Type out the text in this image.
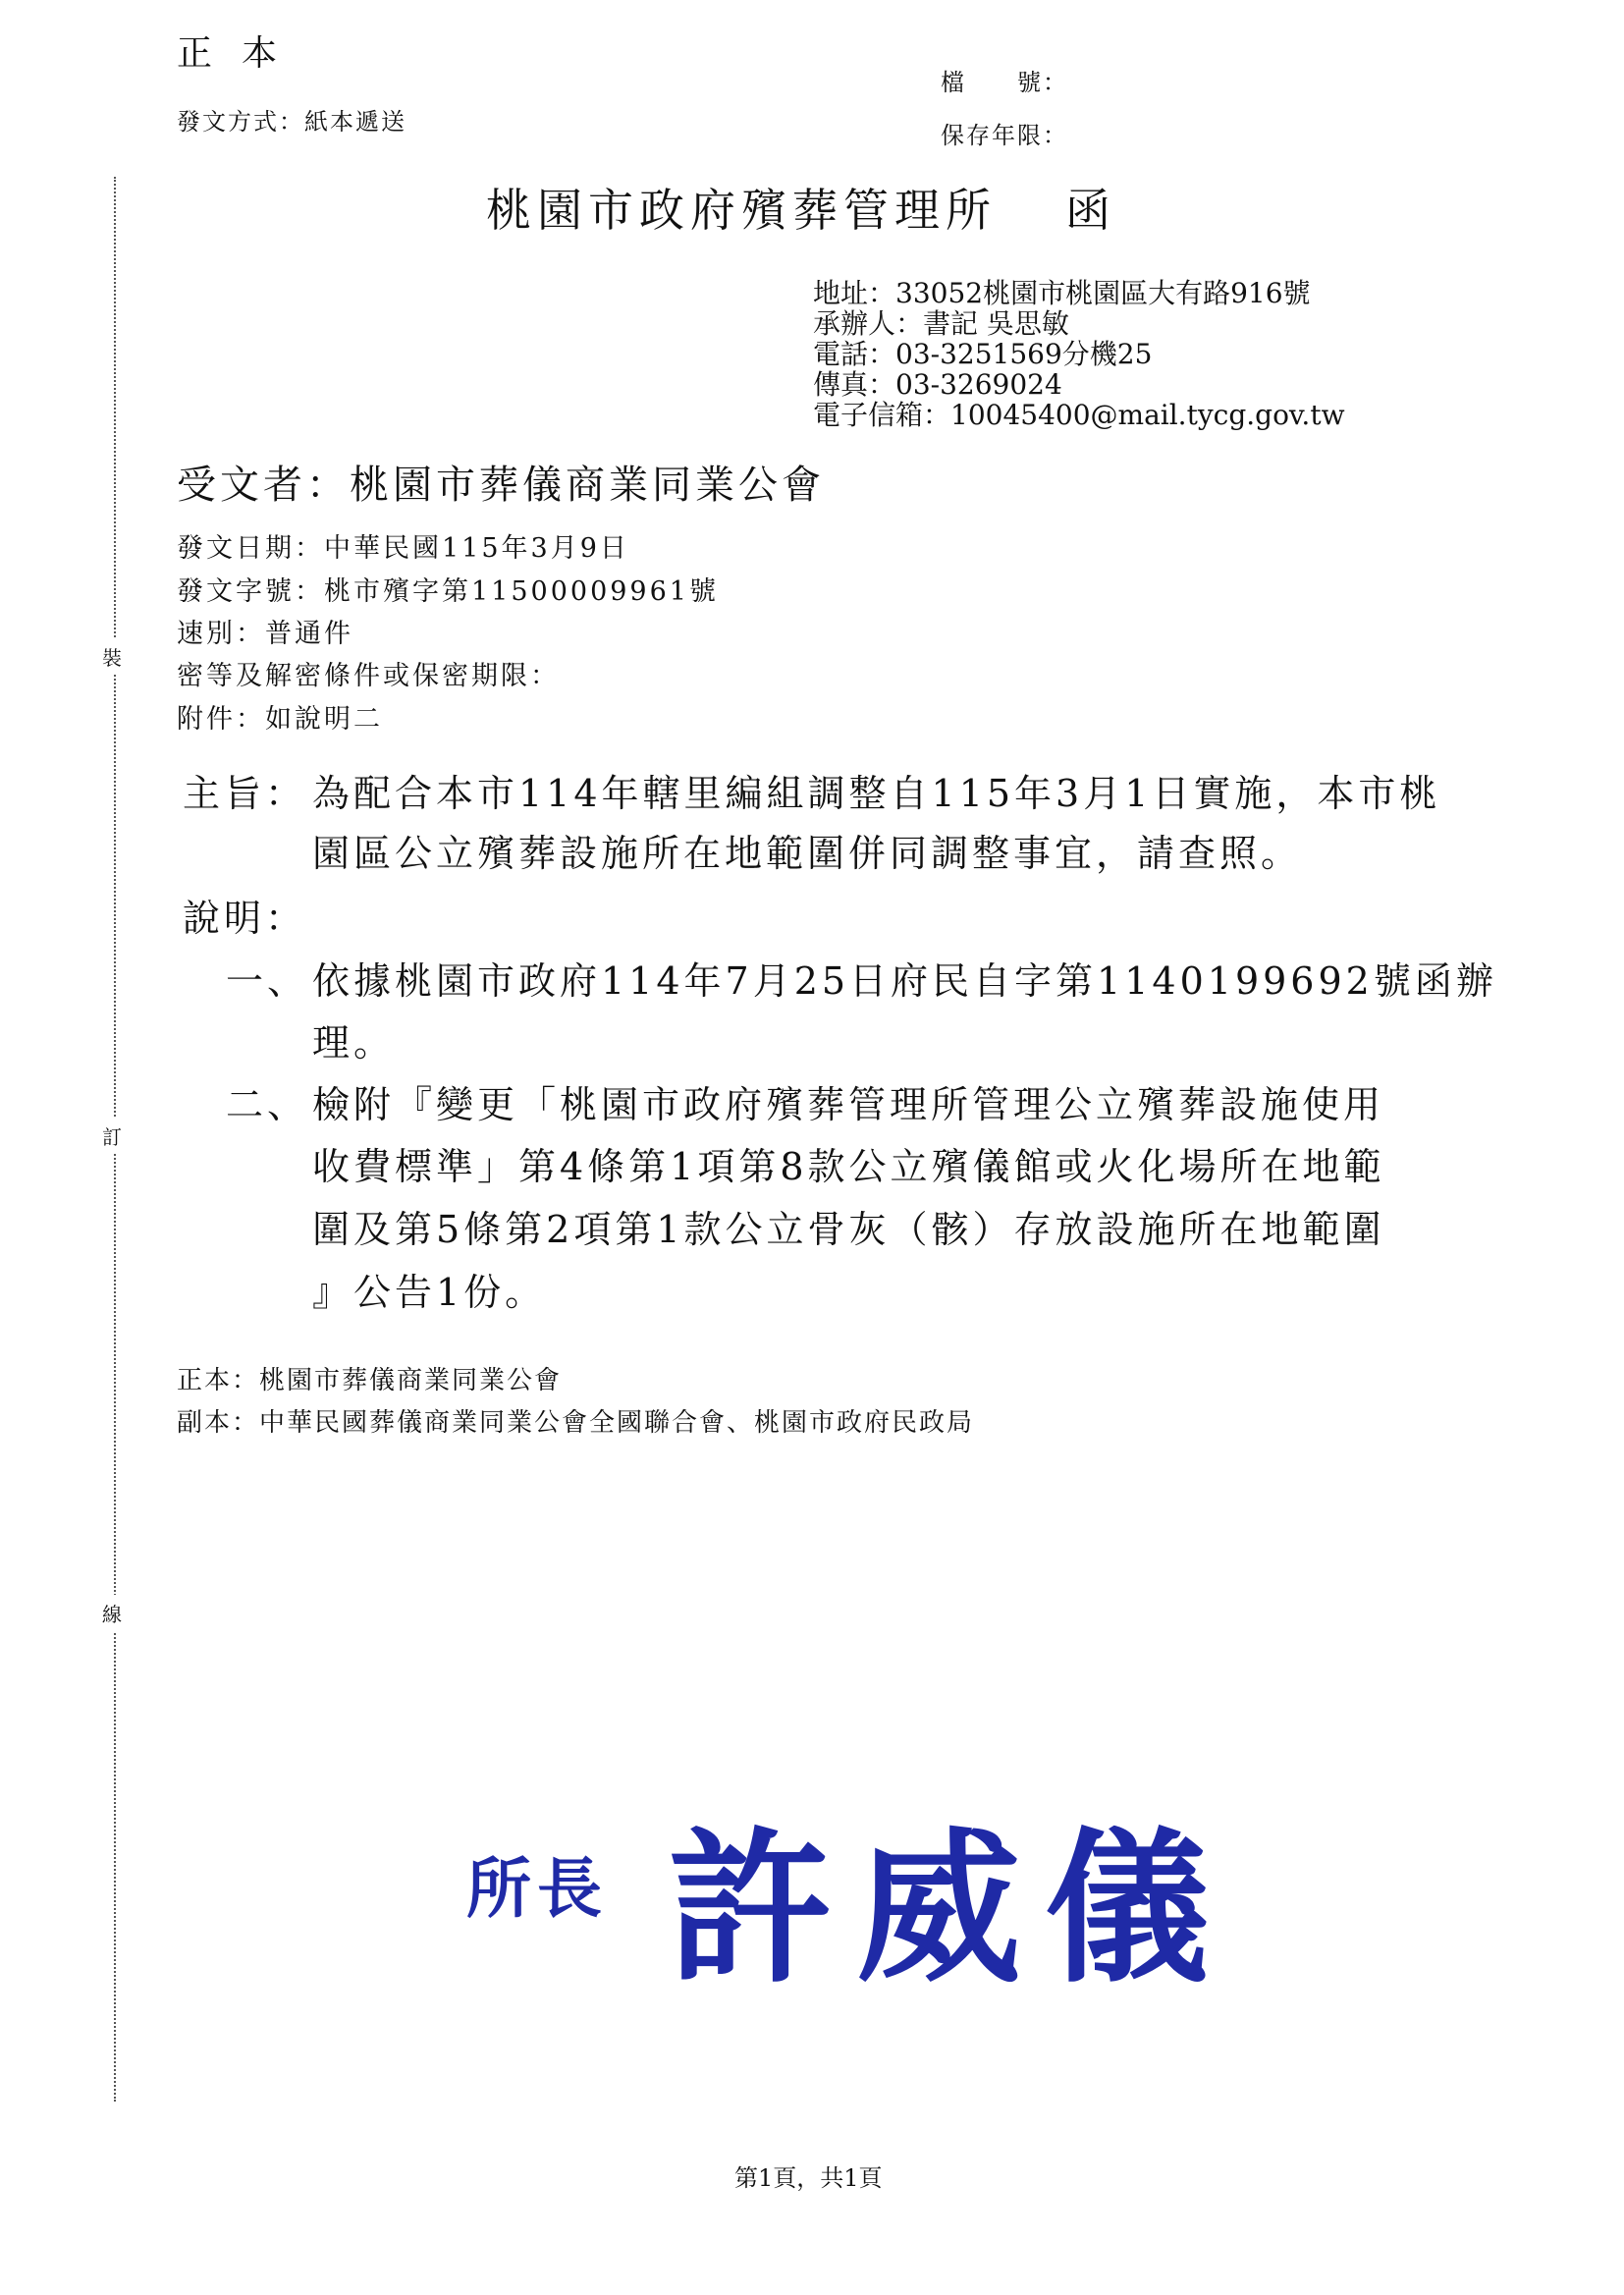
裝
訂
線
正本
發文方式：紙本遞送
檔　　號：
保存年限：
桃園市政府殯葬管理所 函
地址：33052桃園市桃園區大有路916號
承辦人：書記 吳思敏
電話：03-3251569分機25
傳真：03-3269024
電子信箱：10045400@mail.tycg.gov.tw
受文者：桃園市葬儀商業同業公會
發文日期：中華民國115年3月9日
發文字號：桃市殯字第11500009961號
速別：普通件
密等及解密條件或保密期限：
附件：如說明二
主旨： 為配合本市114年轄里編組調整自115年3月1日實施，本市桃
園區公立殯葬設施所在地範圍併同調整事宜，請查照。
說明：
一、 依據桃園市政府114年7月25日府民自字第1140199692號函辦
理。
二、 檢附『變更「桃園市政府殯葬管理所管理公立殯葬設施使用
收費標準」第4條第1項第8款公立殯儀館或火化場所在地範
圍及第5條第2項第1款公立骨灰（骸）存放設施所在地範圍
』公告1份。
正本：桃園市葬儀商業同業公會
副本：中華民國葬儀商業同業公會全國聯合會、桃園市政府民政局
所長 許威儀
第1頁，共1頁
